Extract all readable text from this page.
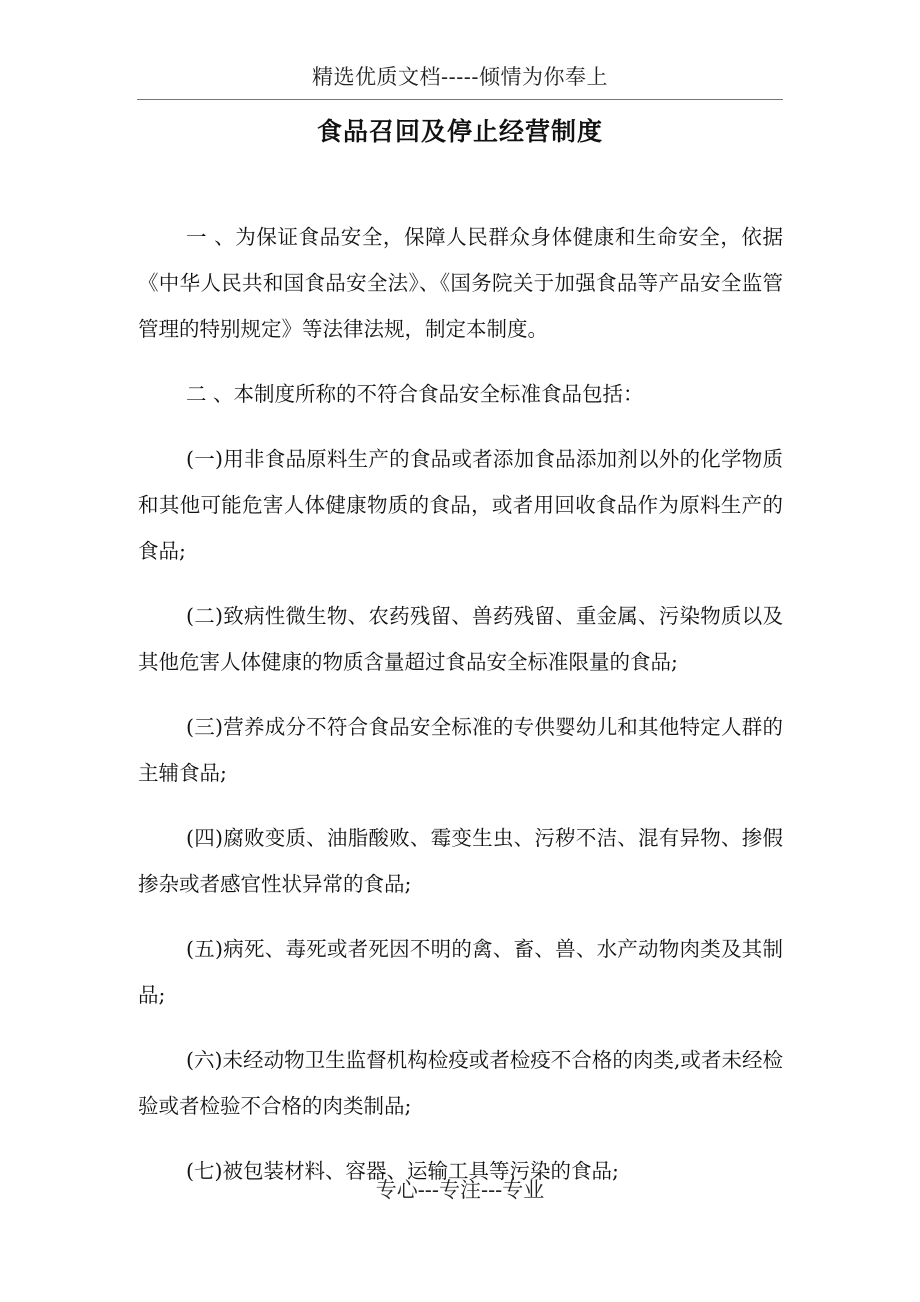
精选优质文档-----倾情为你奉上
食品召回及停止经营制度

一 、为保证食品安全，保障人民群众身体健康和生命安全，依据《中华人民共和国食品安全法》、《国务院关于加强食品等产品安全监管管理的特别规定》等法律法规，制定本制度。

二 、本制度所称的不符合食品安全标准食品包括：

(一)用非食品原料生产的食品或者添加食品添加剂以外的化学物质和其他可能危害人体健康物质的食品，或者用回收食品作为原料生产的食品;

(二)致病性微生物、农药残留、兽药残留、重金属、污染物质以及其他危害人体健康的物质含量超过食品安全标准限量的食品;

(三)营养成分不符合食品安全标准的专供婴幼儿和其他特定人群的主辅食品;

(四)腐败变质、油脂酸败、霉变生虫、污秽不洁、混有异物、掺假掺杂或者感官性状异常的食品;

(五)病死、毒死或者死因不明的禽、畜、兽、水产动物肉类及其制品;

(六)未经动物卫生监督机构检疫或者检疫不合格的肉类,或者未经检验或者检验不合格的肉类制品;

(七)被包装材料、容器、运输工具等污染的食品;

专心---专注---专业
